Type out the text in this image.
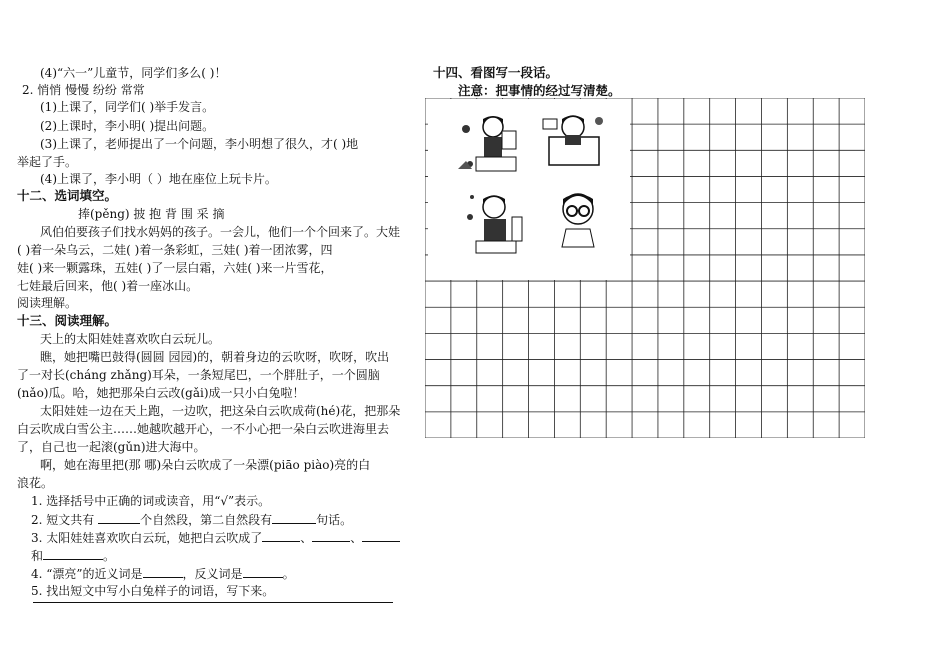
(4)“六一”儿童节，同学们多么( )！
2. 悄悄 慢慢 纷纷 常常
(1)上课了，同学们( )举手发言。
(2)上课时，李小明( )提出问题。
(3)上课了，老师提出了一个问题，李小明想了很久，才( )地
举起了手。
(4)上课了，李小明（ ）地在座位上玩卡片。
十二、选词填空。
捧(pěng) 披 抱 背 围 采 摘
风伯伯要孩子们找水妈妈的孩子。一会儿，他们一个个回来了。大娃
( )着一朵乌云，二娃( )着一条彩虹，三娃( )着一团浓雾，四
娃( )来一颗露珠，五娃( )了一层白霜，六娃( )来一片雪花，
七娃最后回来，他( )着一座冰山。
阅读理解。
十三、阅读理解。
天上的太阳娃娃喜欢吹白云玩儿。
瞧，她把嘴巴鼓得(圆圆 园园)的，朝着身边的云吹呀，吹呀，吹出
了一对长(cháng zhǎng)耳朵，一条短尾巴，一个胖肚子，一个圆脑
(nǎo)瓜。哈，她把那朵白云改(gǎi)成一只小白兔啦！
太阳娃娃一边在天上跑，一边吹，把这朵白云吹成荷(hé)花，把那朵
白云吹成白雪公主……她越吹越开心，一不小心把一朵白云吹进海里去
了，自己也一起滚(gǔn)进大海中。
啊，她在海里把(那 哪)朵白云吹成了一朵漂(piāo piào)亮的白
浪花。
1. 选择括号中正确的词或读音，用“√”表示。
2. 短文共有	个自然段，第二自然段有	句话。
3. 太阳娃娃喜欢吹白云玩，她把白云吹成了	、	、
和	。
4. “漂亮”的近义词是	，反义词是	。
5. 找出短文中写小白兔样子的词语，写下来。
十四、看图写一段话。
注意：把事情的经过写清楚。
